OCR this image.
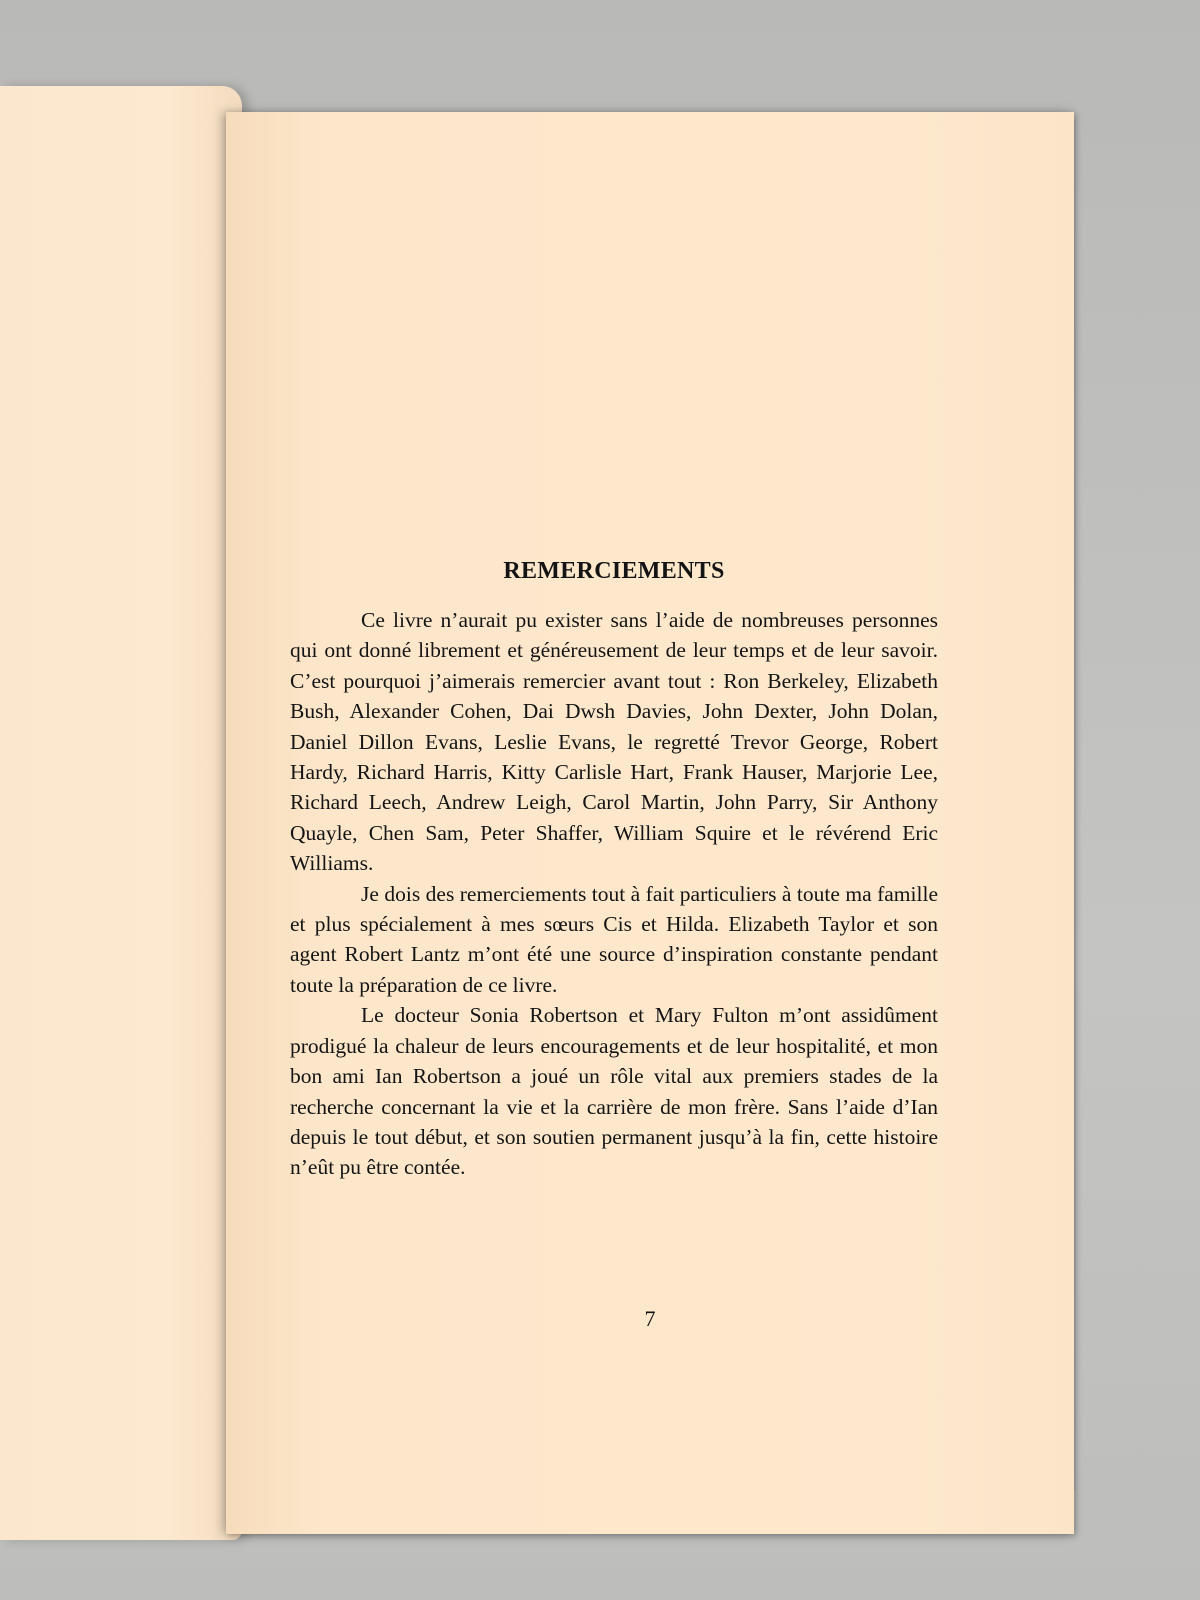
REMERCIEMENTS

Ce livre n’aurait pu exister sans l’aide de nombreuses personnes qui ont donné librement et généreusement de leur temps et de leur savoir. C’est pourquoi j’aimerais remercier avant tout : Ron Berkeley, Elizabeth Bush, Alexander Cohen, Dai Dwsh Davies, John Dexter, John Dolan, Daniel Dillon Evans, Leslie Evans, le regretté Trevor George, Robert Hardy, Richard Harris, Kitty Carlisle Hart, Frank Hauser, Marjorie Lee, Richard Leech, Andrew Leigh, Carol Martin, John Parry, Sir Anthony Quayle, Chen Sam, Peter Shaffer, William Squire et le révérend Eric Williams.

Je dois des remerciements tout à fait particuliers à toute ma famille et plus spécialement à mes sœurs Cis et Hilda. Elizabeth Taylor et son agent Robert Lantz m’ont été une source d’inspiration constante pendant toute la préparation de ce livre.

Le docteur Sonia Robertson et Mary Fulton m’ont assidûment prodigué la chaleur de leurs encouragements et de leur hospitalité, et mon bon ami Ian Robertson a joué un rôle vital aux premiers stades de la recherche concernant la vie et la carrière de mon frère. Sans l’aide d’Ian depuis le tout début, et son soutien permanent jusqu’à la fin, cette histoire n’eût pu être contée.

7
